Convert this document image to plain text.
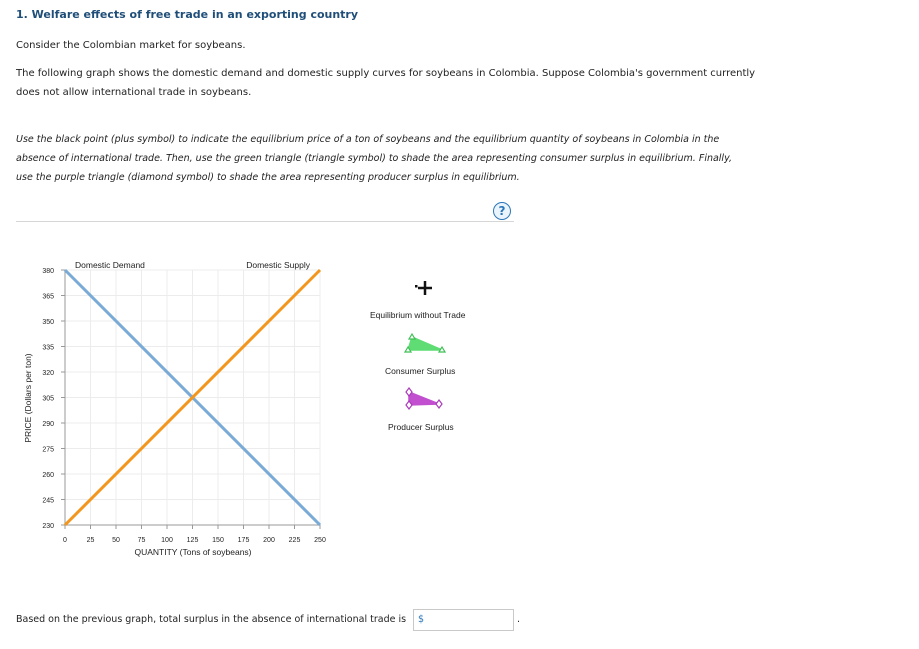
1. Welfare effects of free trade in an exporting country
Consider the Colombian market for soybeans.
The following graph shows the domestic demand and domestic supply curves for soybeans in Colombia. Suppose Colombia's government currently
does not allow international trade in soybeans.
Use the black point (plus symbol) to indicate the equilibrium price of a ton of soybeans and the equilibrium quantity of soybeans in Colombia in the
absence of international trade. Then, use the green triangle (triangle symbol) to shade the area representing consumer surplus in equilibrium. Finally,
use the purple triangle (diamond symbol) to shade the area representing producer surplus in equilibrium.
?
230
245
260
275
290
305
320
335
350
365
380
0	25	50	75 100 125 150 175 200 225 250
Domestic Demand	Domestic Supply
QUANTITY (Tons of soybeans)
PRICE (Dollars per ton)
Equilibrium without Trade
Consumer Surplus
Producer Surplus
Based on the previous graph, total surplus in the absence of international trade is $	.
